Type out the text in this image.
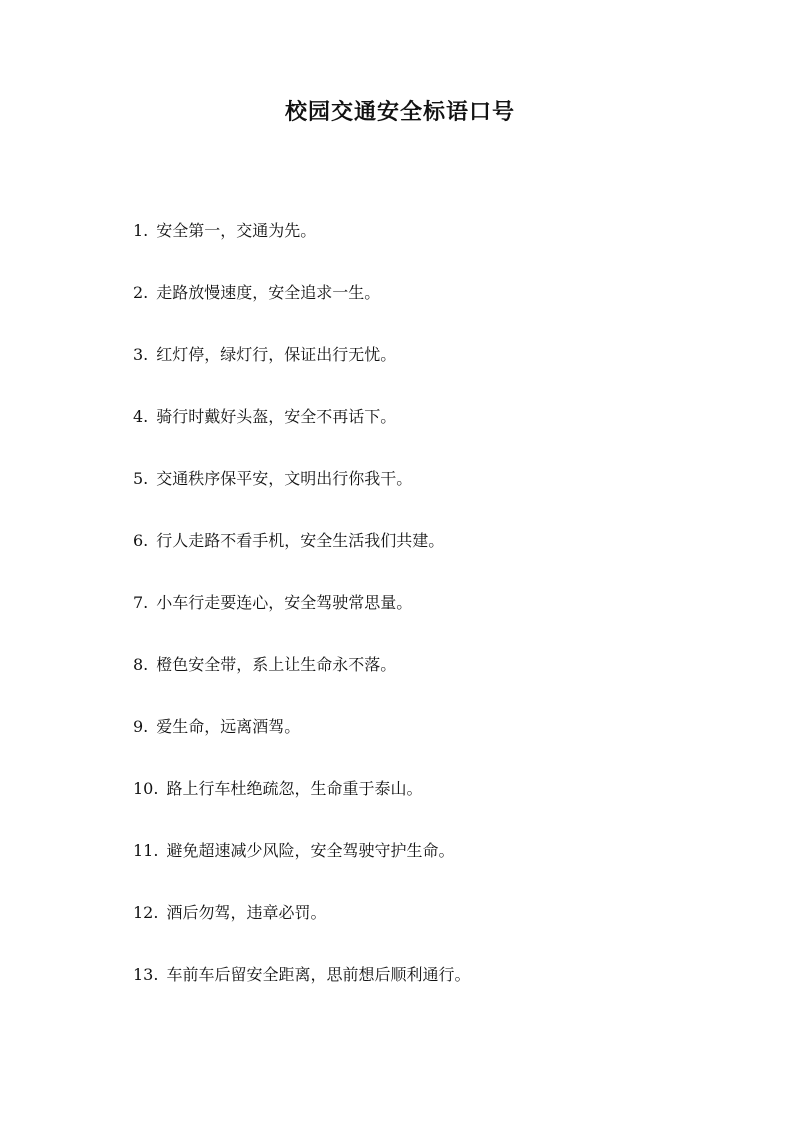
校园交通安全标语口号
1. 安全第一，交通为先。
2. 走路放慢速度，安全追求一生。
3. 红灯停，绿灯行，保证出行无忧。
4. 骑行时戴好头盔，安全不再话下。
5. 交通秩序保平安，文明出行你我干。
6. 行人走路不看手机，安全生活我们共建。
7. 小车行走要连心，安全驾驶常思量。
8. 橙色安全带，系上让生命永不落。
9. 爱生命，远离酒驾。
10. 路上行车杜绝疏忽，生命重于泰山。
11. 避免超速减少风险，安全驾驶守护生命。
12. 酒后勿驾，违章必罚。
13. 车前车后留安全距离，思前想后顺利通行。
